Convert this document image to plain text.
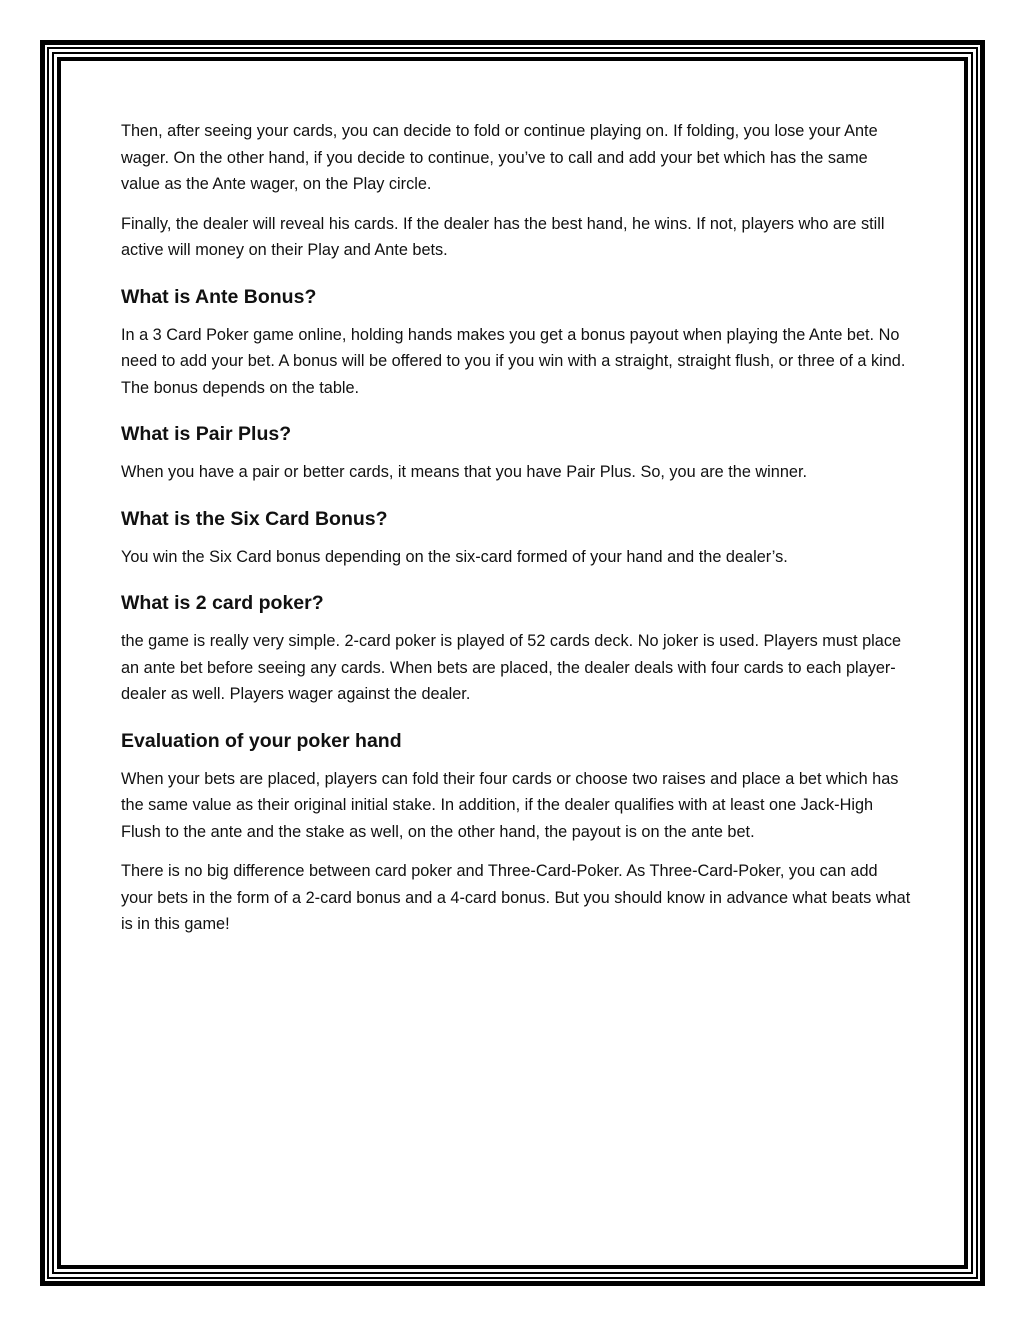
Then, after seeing your cards, you can decide to fold or continue playing on. If folding, you lose your Ante wager. On the other hand, if you decide to continue, you’ve to call and add your bet which has the same value as the Ante wager, on the Play circle.

Finally, the dealer will reveal his cards. If the dealer has the best hand, he wins. If not, players who are still active will money on their Play and Ante bets.

What is Ante Bonus?

In a 3 Card Poker game online, holding hands makes you get a bonus payout when playing the Ante bet. No need to add your bet. A bonus will be offered to you if you win with a straight, straight flush, or three of a kind. The bonus depends on the table.

What is Pair Plus?

When you have a pair or better cards, it means that you have Pair Plus. So, you are the winner.

What is the Six Card Bonus?

You win the Six Card bonus depending on the six-card formed of your hand and the dealer’s.

What is 2 card poker?

the game is really very simple. 2-card poker is played of 52 cards deck. No joker is used. Players must place an ante bet before seeing any cards. When bets are placed, the dealer deals with four cards to each player-dealer as well. Players wager against the dealer.

Evaluation of your poker hand

When your bets are placed, players can fold their four cards or choose two raises and place a bet which has the same value as their original initial stake. In addition, if the dealer qualifies with at least one Jack-High Flush to the ante and the stake as well, on the other hand, the payout is on the ante bet.

There is no big difference between card poker and Three-Card-Poker. As Three-Card-Poker, you can add your bets in the form of a 2-card bonus and a 4-card bonus. But you should know in advance what beats what is in this game!
